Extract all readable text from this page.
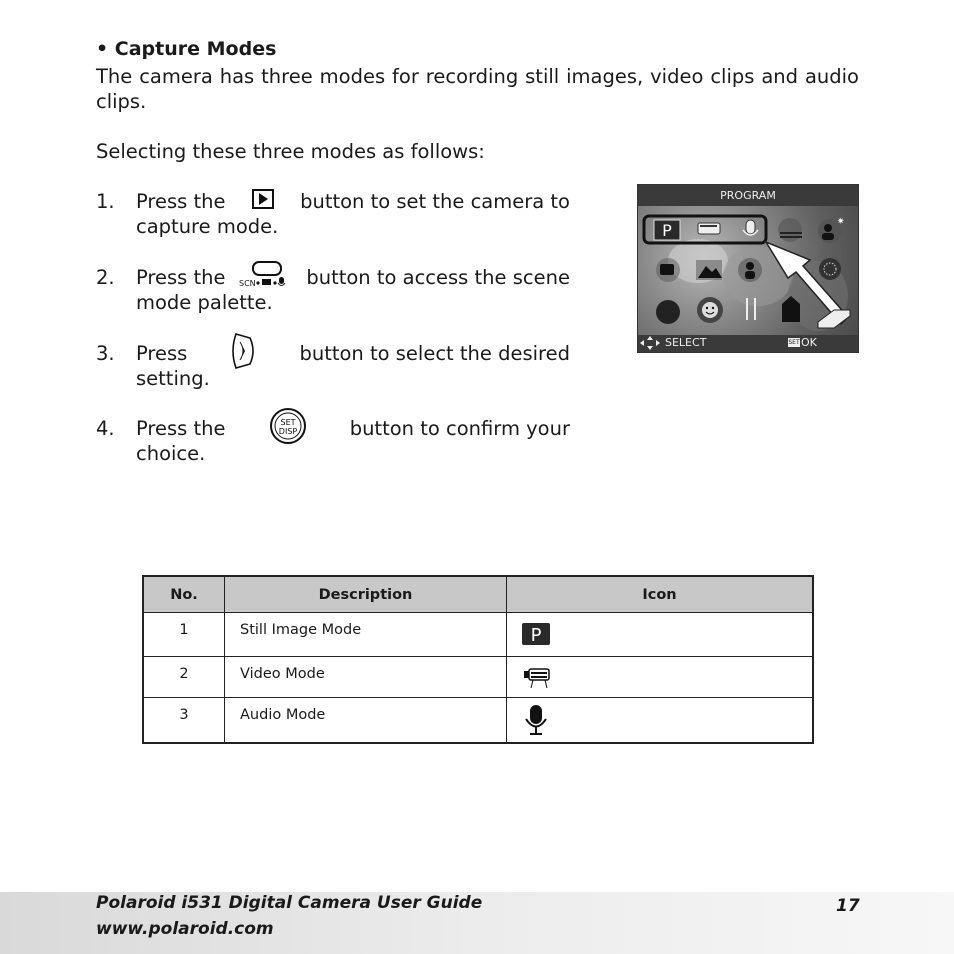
• Capture Modes
The camera has three modes for recording still images, video clips and audio clips.
Selecting these three modes as follows:
1. Press the	button to set the camera to
capture mode.
2. Press the SCN	button to access the scene
mode palette.
3. Press	button to select the desired
setting.
4. Press the	SET
DISP	button to confirm your
choice.
PROGRAM
P	✷
SELECT	SET OK
No.	Description	Icon
1	Still Image Mode	P

2	Video Mode	
3	Audio Mode	
Polaroid i531 Digital Camera User Guide
www.polaroid.com
17
